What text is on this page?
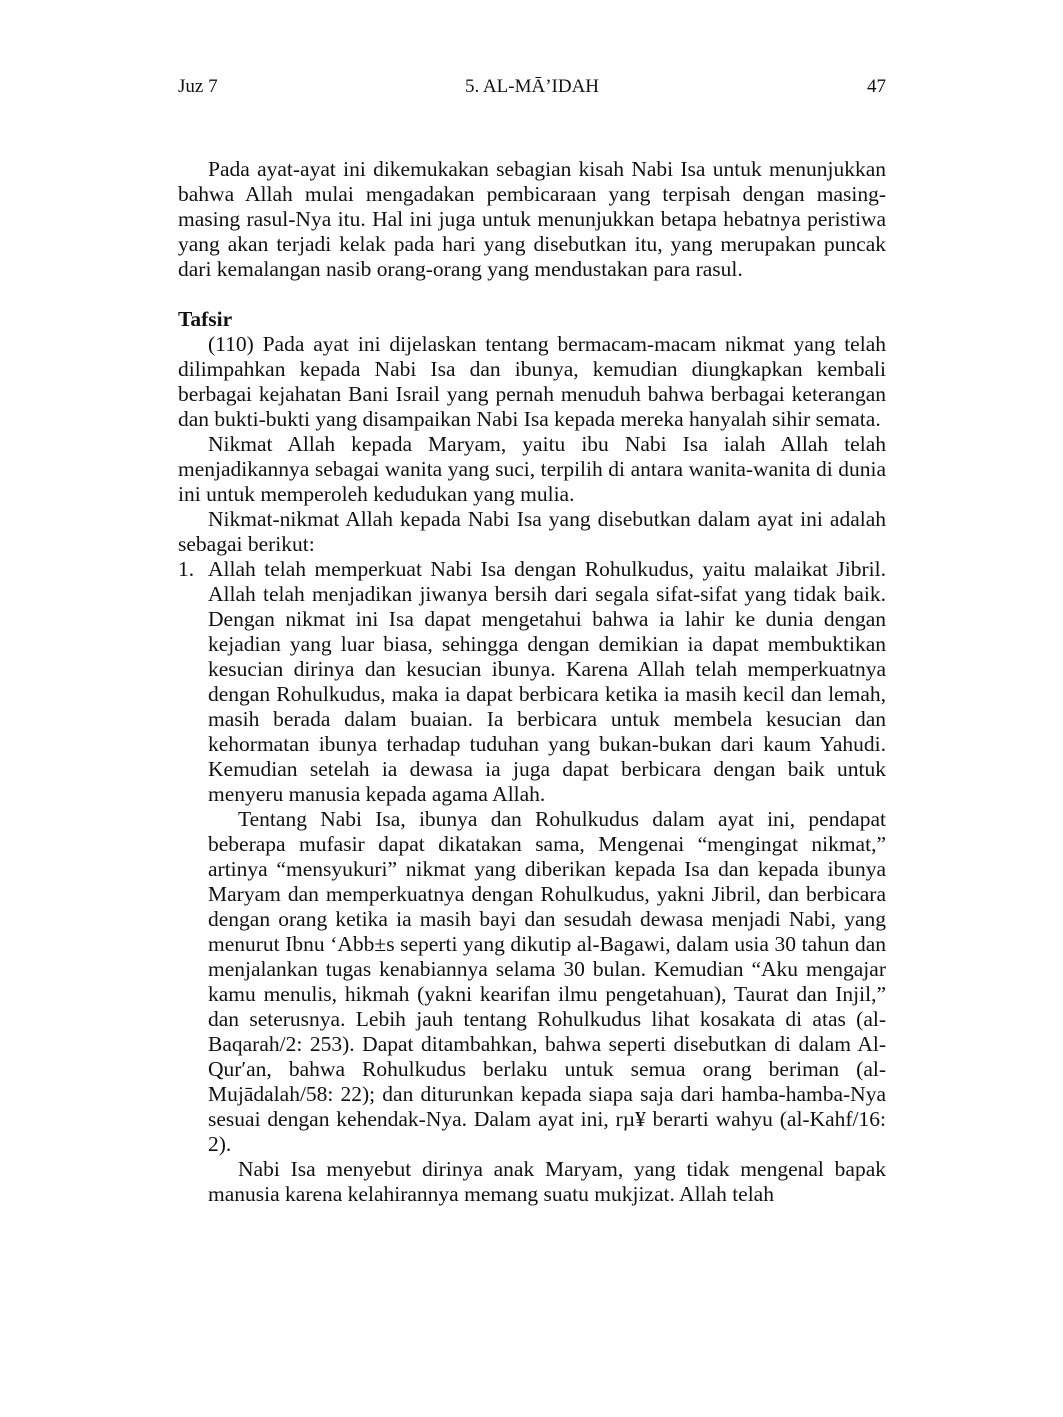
Juz 7	5. AL-MĀ’IDAH	47

Pada ayat-ayat ini dikemukakan sebagian kisah Nabi Isa untuk menunjukkan bahwa Allah mulai mengadakan pembicaraan yang terpisah dengan masing-masing rasul-Nya itu. Hal ini juga untuk menunjukkan betapa hebatnya peristiwa yang akan terjadi kelak pada hari yang disebutkan itu, yang merupakan puncak dari kemalangan nasib orang-orang yang mendustakan para rasul.

Tafsir

(110) Pada ayat ini dijelaskan tentang bermacam-macam nikmat yang telah dilimpahkan kepada Nabi Isa dan ibunya, kemudian diungkapkan kembali berbagai kejahatan Bani Israil yang pernah menuduh bahwa berbagai keterangan dan bukti-bukti yang disampaikan Nabi Isa kepada mereka hanyalah sihir semata.

Nikmat Allah kepada Maryam, yaitu ibu Nabi Isa ialah Allah telah menjadikannya sebagai wanita yang suci, terpilih di antara wanita-wanita di dunia ini untuk memperoleh kedudukan yang mulia.

Nikmat-nikmat Allah kepada Nabi Isa yang disebutkan dalam ayat ini adalah sebagai berikut:

1. Allah telah memperkuat Nabi Isa dengan Rohulkudus, yaitu malaikat Jibril. Allah telah menjadikan jiwanya bersih dari segala sifat-sifat yang tidak baik. Dengan nikmat ini Isa dapat mengetahui bahwa ia lahir ke dunia dengan kejadian yang luar biasa, sehingga dengan demikian ia dapat membuktikan kesucian dirinya dan kesucian ibunya. Karena Allah telah memperkuatnya dengan Rohulkudus, maka ia dapat berbicara ketika ia masih kecil dan lemah, masih berada dalam buaian. Ia berbicara untuk membela kesucian dan kehormatan ibunya terhadap tuduhan yang bukan-bukan dari kaum Yahudi. Kemudian setelah ia dewasa ia juga dapat berbicara dengan baik untuk menyeru manusia kepada agama Allah.

Tentang Nabi Isa, ibunya dan Rohulkudus dalam ayat ini, pendapat beberapa mufasir dapat dikatakan sama, Mengenai “mengingat nikmat,” artinya “mensyukuri” nikmat yang diberikan kepada Isa dan kepada ibunya Maryam dan memperkuatnya dengan Rohulkudus, yakni Jibril, dan berbicara dengan orang ketika ia masih bayi dan sesudah dewasa menjadi Nabi, yang menurut Ibnu ‘Abb±s seperti yang dikutip al-Bagawi, dalam usia 30 tahun dan menjalankan tugas kenabiannya selama 30 bulan. Kemudian “Aku mengajar kamu menulis, hikmah (yakni kearifan ilmu pengetahuan), Taurat dan Injil,” dan seterusnya. Lebih jauh tentang Rohulkudus lihat kosakata di atas (al-Baqarah/2: 253). Dapat ditambahkan, bahwa seperti disebutkan di dalam Al-Qur′an, bahwa Rohulkudus berlaku untuk semua orang beriman (al-Mujādalah/58: 22); dan diturunkan kepada siapa saja dari hamba-hamba-Nya sesuai dengan kehendak-Nya. Dalam ayat ini, rµ¥ berarti wahyu (al-Kahf/16: 2).

Nabi Isa menyebut dirinya anak Maryam, yang tidak mengenal bapak manusia karena kelahirannya memang suatu mukjizat. Allah telah
